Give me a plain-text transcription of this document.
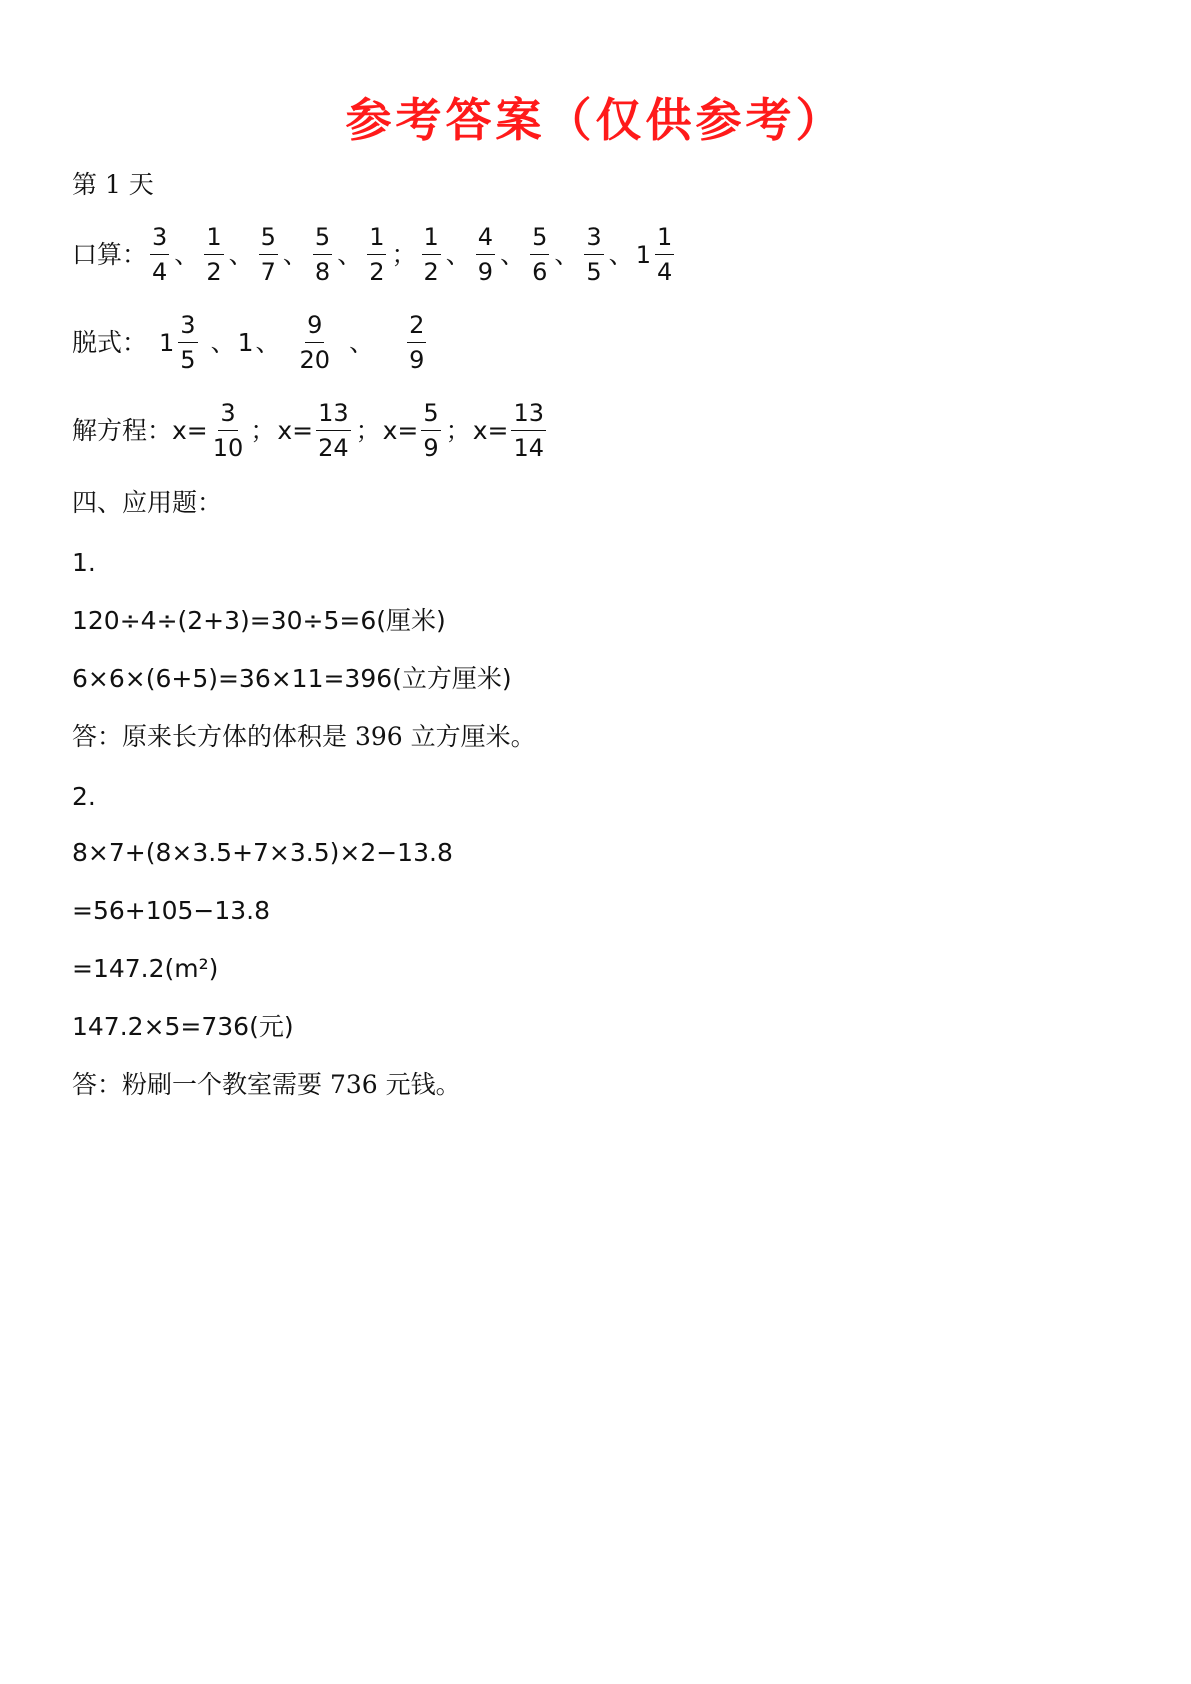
参考答案（仅供参考）
第 1 天
口算： $\frac{3}{4}$ 、 $\frac{1}{2}$ 、 $\frac{5}{7}$ 、 $\frac{5}{8}$ 、 $\frac{1}{2}$ ； $\frac{1}{2}$ 、 $\frac{4}{9}$ 、 $\frac{5}{6}$ 、 $\frac{3}{5}$ 、 $1 \frac{1}{4}$
脱式： $1 \frac{3}{5}$ 、 1 、 $\frac{9}{20}$ 、 $\frac{2}{9}$
解方程： $x= \frac{3}{10}$ ； $x= \frac{13}{24}$ ； $x= \frac{5}{9}$ ； $x= \frac{13}{14}$
四、应用题：
1.
120÷4÷(2+3)=30÷5=6(厘米)
6×6×(6+5)=36×11=396(立方厘米)
答：原来长方体的体积是 396 立方厘米。
2.
8×7+(8×3.5+7×3.5)×2−13.8
=56+105−13.8
=147.2(m²)
147.2×5=736(元)
答：粉刷一个教室需要 736 元钱。
